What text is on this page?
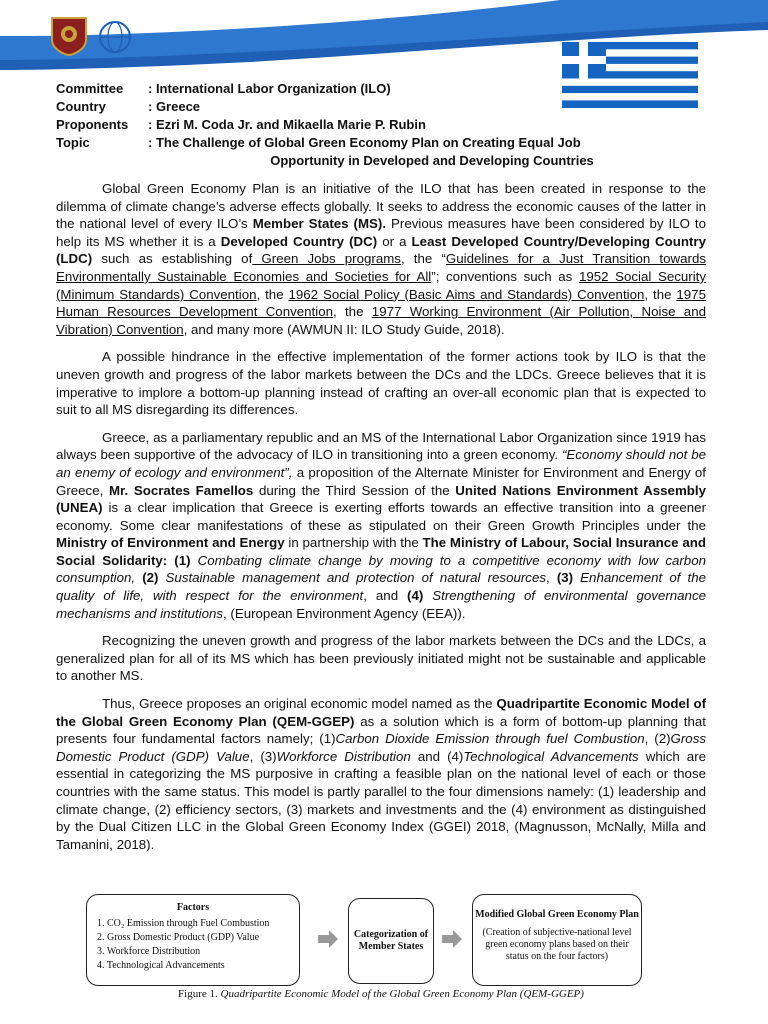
Committee	: International Labor Organization (ILO)
Country	: Greece
Proponents	: Ezri M. Coda Jr. and Mikaella Marie P. Rubin
Topic	: The Challenge of Global Green Economy Plan on Creating Equal Job
Opportunity in Developed and Developing Countries

Global Green Economy Plan is an initiative of the ILO that has been created in response to the dilemma of climate change’s adverse effects globally. It seeks to address the economic causes of the latter in the national level of every ILO’s Member States (MS). Previous measures have been considered by ILO to help its MS whether it is a Developed Country (DC) or a Least Developed Country/Developing Country (LDC) such as establishing of Green Jobs programs, the “Guidelines for a Just Transition towards Environmentally Sustainable Economies and Societies for All”; conventions such as 1952 Social Security (Minimum Standards) Convention, the 1962 Social Policy (Basic Aims and Standards) Convention, the 1975 Human Resources Development Convention, the 1977 Working Environment (Air Pollution, Noise and Vibration) Convention, and many more (AWMUN II: ILO Study Guide, 2018).

A possible hindrance in the effective implementation of the former actions took by ILO is that the uneven growth and progress of the labor markets between the DCs and the LDCs. Greece believes that it is imperative to implore a bottom-up planning instead of crafting an over-all economic plan that is expected to suit to all MS disregarding its differences.

Greece, as a parliamentary republic and an MS of the International Labor Organization since 1919 has always been supportive of the advocacy of ILO in transitioning into a green economy. “Economy should not be an enemy of ecology and environment”, a proposition of the Alternate Minister for Environment and Energy of Greece, Mr. Socrates Famellos during the Third Session of the United Nations Environment Assembly (UNEA) is a clear implication that Greece is exerting efforts towards an effective transition into a greener economy. Some clear manifestations of these as stipulated on their Green Growth Principles under the Ministry of Environment and Energy in partnership with the The Ministry of Labour, Social Insurance and Social Solidarity: (1) Combating climate change by moving to a competitive economy with low carbon consumption, (2) Sustainable management and protection of natural resources, (3) Enhancement of the quality of life, with respect for the environment, and (4) Strengthening of environmental governance mechanisms and institutions, (European Environment Agency (EEA)).

Recognizing the uneven growth and progress of the labor markets between the DCs and the LDCs, a generalized plan for all of its MS which has been previously initiated might not be sustainable and applicable to another MS.

Thus, Greece proposes an original economic model named as the Quadripartite Economic Model of the Global Green Economy Plan (QEM-GGEP) as a solution which is a form of bottom-up planning that presents four fundamental factors namely; (1)Carbon Dioxide Emission through fuel Combustion, (2)Gross Domestic Product (GDP) Value, (3)Workforce Distribution and (4)Technological Advancements which are essential in categorizing the MS purposive in crafting a feasible plan on the national level of each or those countries with the same status. This model is partly parallel to the four dimensions namely: (1) leadership and climate change, (2) efficiency sectors, (3) markets and investments and the (4) environment as distinguished by the Dual Citizen LLC in the Global Green Economy Index (GGEI) 2018, (Magnusson, McNally, Milla and Tamanini, 2018).

Factors
1. CO₂ Emission through Fuel Combustion
2. Gross Domestic Product (GDP) Value
3. Workforce Distribution
4. Technological Advancements
Categorization of Member States
Modified Global Green Economy Plan
(Creation of subjective-national level green economy plans based on their status on the four factors)
Figure 1. Quadripartite Economic Model of the Global Green Economy Plan (QEM-GGEP)
